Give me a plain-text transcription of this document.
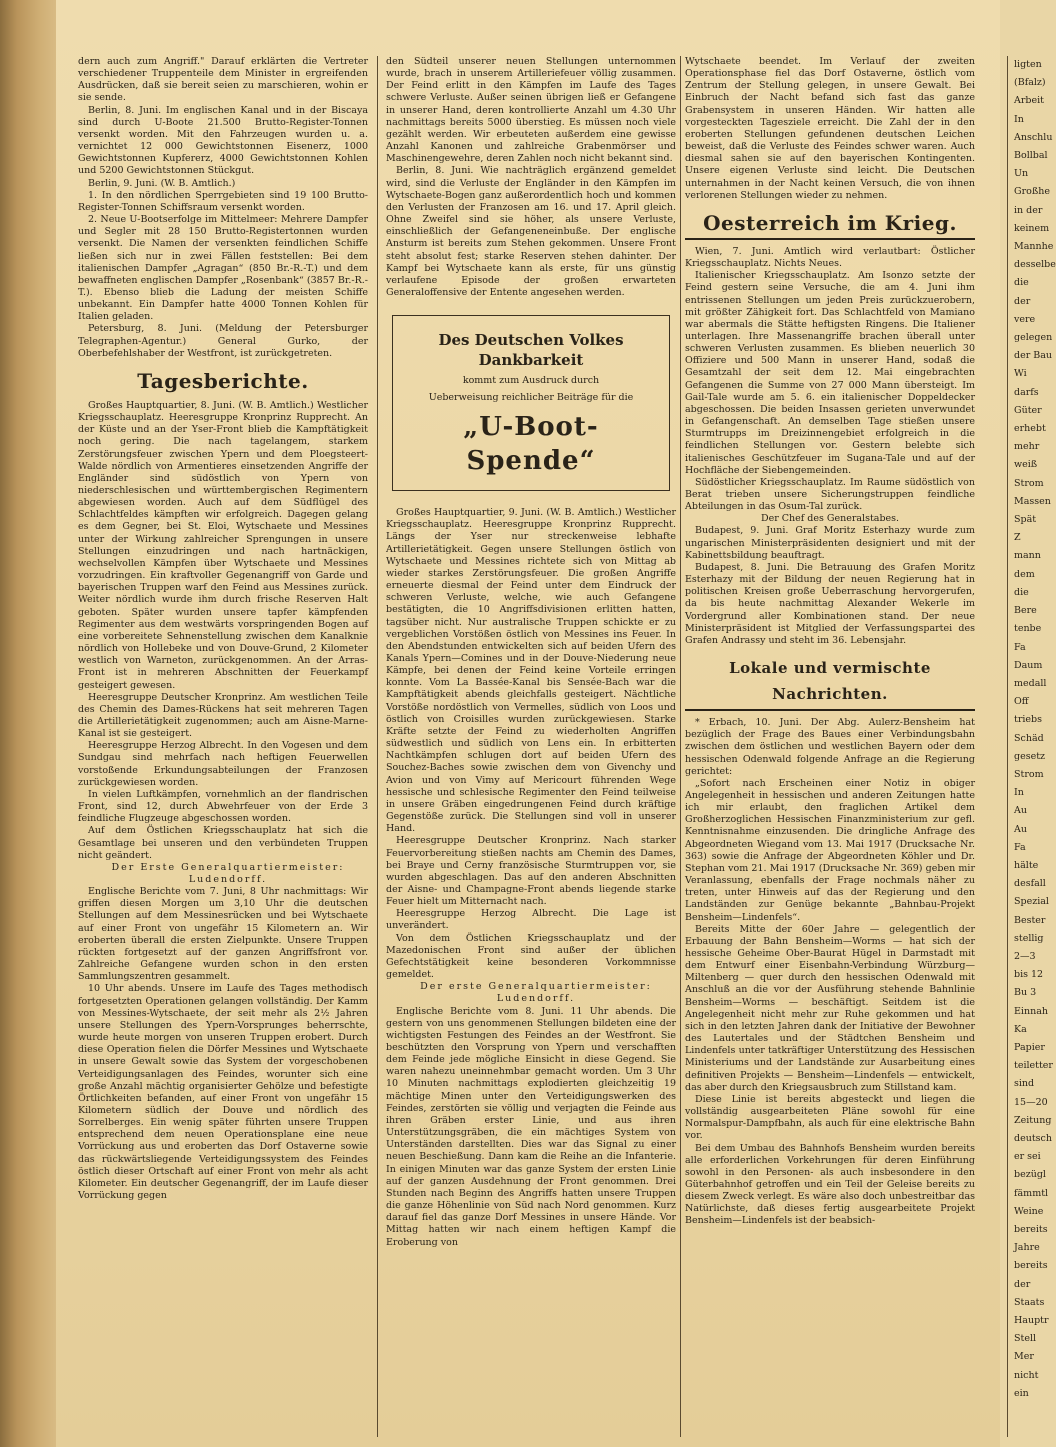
dern auch zum Angriff." Darauf erklärten die Vertreter verschiedener Truppenteile dem Minister in ergreifenden Ausdrücken, daß sie bereit seien zu marschieren, wohin er sie sende.

Berlin, 8. Juni. Im englischen Kanal und in der Biscaya sind durch U-Boote 21.500 Brutto-Register-Tonnen versenkt worden. Mit den Fahrzeugen wurden u. a. vernichtet 12 000 Gewichtstonnen Eisenerz, 1000 Gewichtstonnen Kupfererz, 4000 Gewichtstonnen Kohlen und 5200 Gewichtstonnen Stückgut.

Berlin, 9. Juni. (W. B. Amtlich.)

1. In den nördlichen Sperrgebieten sind 19 100 Brutto-Register-Tonnen Schiffsraum versenkt worden.

2. Neue U-Bootserfolge im Mittelmeer: Mehrere Dampfer und Segler mit 28 150 Brutto-Registertonnen wurden versenkt. Die Namen der versenkten feindlichen Schiffe ließen sich nur in zwei Fällen feststellen: Bei dem italienischen Dampfer „Agragan“ (850 Br.-R.-T.) und dem bewaffneten englischen Dampfer „Rosenbank“ (3857 Br.-R.-T.). Ebenso blieb die Ladung der meisten Schiffe unbekannt. Ein Dampfer hatte 4000 Tonnen Kohlen für Italien geladen.

Petersburg, 8. Juni. (Meldung der Petersburger Telegraphen-Agentur.) General Gurko, der Oberbefehlshaber der Westfront, ist zurückgetreten.

Tagesberichte.

Großes Hauptquartier, 8. Juni. (W. B. Amtlich.) Westlicher Kriegsschauplatz. Heeresgruppe Kronprinz Rupprecht. An der Küste und an der Yser-Front blieb die Kampftätigkeit noch gering. Die nach tagelangem, starkem Zerstörungsfeuer zwischen Ypern und dem Ploegsteert-Walde nördlich von Armentieres einsetzenden Angriffe der Engländer sind südöstlich von Ypern von niederschlesischen und württembergischen Regimentern abgewiesen worden. Auch auf dem Südflügel des Schlachtfeldes kämpften wir erfolgreich. Dagegen gelang es dem Gegner, bei St. Eloi, Wytschaete und Messines unter der Wirkung zahlreicher Sprengungen in unsere Stellungen einzudringen und nach hartnäckigen, wechselvollen Kämpfen über Wytschaete und Messines vorzudringen. Ein kraftvoller Gegenangriff von Garde und bayerischen Truppen warf den Feind aus Messines zurück. Weiter nördlich wurde ihm durch frische Reserven Halt geboten. Später wurden unsere tapfer kämpfenden Regimenter aus dem westwärts vorspringenden Bogen auf eine vorbereitete Sehnenstellung zwischen dem Kanalknie nördlich von Hollebeke und von Douve-Grund, 2 Kilometer westlich von Warneton, zurückgenommen. An der Arras-Front ist in mehreren Abschnitten der Feuerkampf gesteigert gewesen.

Heeresgruppe Deutscher Kronprinz. Am westlichen Teile des Chemin des Dames-Rückens hat seit mehreren Tagen die Artillerietätigkeit zugenommen; auch am Aisne-Marne-Kanal ist sie gesteigert.

Heeresgruppe Herzog Albrecht. In den Vogesen und dem Sundgau sind mehrfach nach heftigen Feuerwellen vorstoßende Erkundungsabteilungen der Franzosen zurückgewiesen worden.

In vielen Luftkämpfen, vornehmlich an der flandrischen Front, sind 12, durch Abwehrfeuer von der Erde 3 feindliche Flugzeuge abgeschossen worden.

Auf dem Östlichen Kriegsschauplatz hat sich die Gesamtlage bei unseren und den verbündeten Truppen nicht geändert.

Der Erste Generalquartiermeister:

Ludendorff.

Englische Berichte vom 7. Juni, 8 Uhr nachmittags: Wir griffen diesen Morgen um 3,10 Uhr die deutschen Stellungen auf dem Messinesrücken und bei Wytschaete auf einer Front von ungefähr 15 Kilometern an. Wir eroberten überall die ersten Zielpunkte. Unsere Truppen rückten fortgesetzt auf der ganzen Angriffsfront vor. Zahlreiche Gefangene wurden schon in den ersten Sammlungszentren gesammelt.

10 Uhr abends. Unsere im Laufe des Tages methodisch fortgesetzten Operationen gelangen vollständig. Der Kamm von Messines-Wytschaete, der seit mehr als 2½ Jahren unsere Stellungen des Ypern-Vorsprunges beherrschte, wurde heute morgen von unseren Truppen erobert. Durch diese Operation fielen die Dörfer Messines und Wytschaete in unsere Gewalt sowie das System der vorgeschobenen Verteidigungsanlagen des Feindes, worunter sich eine große Anzahl mächtig organisierter Gehölze und befestigte Örtlichkeiten befanden, auf einer Front von ungefähr 15 Kilometern südlich der Douve und nördlich des Sorrelberges. Ein wenig später führten unsere Truppen entsprechend dem neuen Operationsplane eine neue Vorrückung aus und eroberten das Dorf Ostaverne sowie das rückwärtsliegende Verteidigungssystem des Feindes östlich dieser Ortschaft auf einer Front von mehr als acht Kilometer. Ein deutscher Gegenangriff, der im Laufe dieser Vorrückung gegen

den Südteil unserer neuen Stellungen unternommen wurde, brach in unserem Artilleriefeuer völlig zusammen. Der Feind erlitt in den Kämpfen im Laufe des Tages schwere Verluste. Außer seinen übrigen ließ er Gefangene in unserer Hand, deren kontrollierte Anzahl um 4.30 Uhr nachmittags bereits 5000 überstieg. Es müssen noch viele gezählt werden. Wir erbeuteten außerdem eine gewisse Anzahl Kanonen und zahlreiche Grabenmörser und Maschinengewehre, deren Zahlen noch nicht bekannt sind.

Berlin, 8. Juni. Wie nachträglich ergänzend gemeldet wird, sind die Verluste der Engländer in den Kämpfen im Wytschaete-Bogen ganz außerordentlich hoch und kommen den Verlusten der Franzosen am 16. und 17. April gleich. Ohne Zweifel sind sie höher, als unsere Verluste, einschließlich der Gefangeneneinbuße. Der englische Ansturm ist bereits zum Stehen gekommen. Unsere Front steht absolut fest; starke Reserven stehen dahinter. Der Kampf bei Wytschaete kann als erste, für uns günstig verlaufene Episode der großen erwarteten Generaloffensive der Entente angesehen werden.

Des Deutschen Volkes
Dankbarkeit
kommt zum Ausdruck durch
Ueberweisung reichlicher Beiträge für die
„U-Boot-Spende“

Großes Hauptquartier, 9. Juni. (W. B. Amtlich.) Westlicher Kriegsschauplatz. Heeresgruppe Kronprinz Rupprecht. Längs der Yser nur streckenweise lebhafte Artillerietätigkeit. Gegen unsere Stellungen östlich von Wytschaete und Messines richtete sich von Mittag ab wieder starkes Zerstörungsfeuer. Die großen Angriffe erneuerte diesmal der Feind unter dem Eindruck der schweren Verluste, welche, wie auch Gefangene bestätigten, die 10 Angriffsdivisionen erlitten hatten, tagsüber nicht. Nur australische Truppen schickte er zu vergeblichen Vorstößen östlich von Messines ins Feuer. In den Abendstunden entwickelten sich auf beiden Ufern des Kanals Ypern—Comines und in der Douve-Niederung neue Kämpfe, bei denen der Feind keine Vorteile erringen konnte. Vom La Bassée-Kanal bis Sensée-Bach war die Kampftätigkeit abends gleichfalls gesteigert. Nächtliche Vorstöße nordöstlich von Vermelles, südlich von Loos und östlich von Croisilles wurden zurückgewiesen. Starke Kräfte setzte der Feind zu wiederholten Angriffen südwestlich und südlich von Lens ein. In erbitterten Nachtkämpfen schlugen dort auf beiden Ufern des Souchez-Baches sowie zwischen dem von Givenchy und Avion und von Vimy auf Mericourt führenden Wege hessische und schlesische Regimenter den Feind teilweise in unsere Gräben eingedrungenen Feind durch kräftige Gegenstöße zurück. Die Stellungen sind voll in unserer Hand.

Heeresgruppe Deutscher Kronprinz. Nach starker Feuervorbereitung stießen nachts am Chemin des Dames, bei Braye und Cerny französische Sturmtruppen vor, sie wurden abgeschlagen. Das auf den anderen Abschnitten der Aisne- und Champagne-Front abends liegende starke Feuer hielt um Mitternacht nach.

Heeresgruppe Herzog Albrecht. Die Lage ist unverändert.

Von dem Östlichen Kriegsschauplatz und der Mazedonischen Front sind außer der üblichen Gefechtstätigkeit keine besonderen Vorkommnisse gemeldet.

Der erste Generalquartiermeister:

Ludendorff.

Englische Berichte vom 8. Juni. 11 Uhr abends. Die gestern von uns genommenen Stellungen bildeten eine der wichtigsten Festungen des Feindes an der Westfront. Sie beschützten den Vorsprung von Ypern und verschafften dem Feinde jede mögliche Einsicht in diese Gegend. Sie waren nahezu uneinnehmbar gemacht worden. Um 3 Uhr 10 Minuten nachmittags explodierten gleichzeitig 19 mächtige Minen unter den Verteidigungswerken des Feindes, zerstörten sie völlig und verjagten die Feinde aus ihren Gräben erster Linie, und aus ihren Unterstützungsgräben, die ein mächtiges System von Unterständen darstellten. Dies war das Signal zu einer neuen Beschießung. Dann kam die Reihe an die Infanterie. In einigen Minuten war das ganze System der ersten Linie auf der ganzen Ausdehnung der Front genommen. Drei Stunden nach Beginn des Angriffs hatten unsere Truppen die ganze Höhenlinie von Süd nach Nord genommen. Kurz darauf fiel das ganze Dorf Messines in unsere Hände. Vor Mittag hatten wir nach einem heftigen Kampf die Eroberung von

Wytschaete beendet. Im Verlauf der zweiten Operationsphase fiel das Dorf Ostaverne, östlich vom Zentrum der Stellung gelegen, in unsere Gewalt. Bei Einbruch der Nacht befand sich fast das ganze Grabensystem in unseren Händen. Wir hatten alle vorgesteckten Tagesziele erreicht. Die Zahl der in den eroberten Stellungen gefundenen deutschen Leichen beweist, daß die Verluste des Feindes schwer waren. Auch diesmal sahen sie auf den bayerischen Kontingenten. Unsere eigenen Verluste sind leicht. Die Deutschen unternahmen in der Nacht keinen Versuch, die von ihnen verlorenen Stellungen wieder zu nehmen.

Oesterreich im Krieg.

Wien, 7. Juni. Amtlich wird verlautbart: Östlicher Kriegsschauplatz. Nichts Neues.

Italienischer Kriegsschauplatz. Am Isonzo setzte der Feind gestern seine Versuche, die am 4. Juni ihm entrissenen Stellungen um jeden Preis zurückzuerobern, mit größter Zähigkeit fort. Das Schlachtfeld von Mamiano war abermals die Stätte heftigsten Ringens. Die Italiener unterlagen. Ihre Massenangriffe brachen überall unter schweren Verlusten zusammen. Es blieben neuerlich 30 Offiziere und 500 Mann in unserer Hand, sodaß die Gesamtzahl der seit dem 12. Mai eingebrachten Gefangenen die Summe von 27 000 Mann übersteigt. Im Gail-Tale wurde am 5. 6. ein italienischer Doppeldecker abgeschossen. Die beiden Insassen gerieten unverwundet in Gefangenschaft. An demselben Tage stießen unsere Sturmtrupps im Dreizinnengebiet erfolgreich in die feindlichen Stellungen vor. Gestern belebte sich italienisches Geschützfeuer im Sugana-Tale und auf der Hochfläche der Siebengemeinden.

Südöstlicher Kriegsschauplatz. Im Raume südöstlich von Berat trieben unsere Sicherungstruppen feindliche Abteilungen in das Osum-Tal zurück.

Der Chef des Generalstabes.

Budapest, 9. Juni. Graf Moritz Esterhazy wurde zum ungarischen Ministerpräsidenten designiert und mit der Kabinettsbildung beauftragt.

Budapest, 8. Juni. Die Betrauung des Grafen Moritz Esterhazy mit der Bildung der neuen Regierung hat in politischen Kreisen große Ueberraschung hervorgerufen, da bis heute nachmittag Alexander Wekerle im Vordergrund aller Kombinationen stand. Der neue Ministerpräsident ist Mitglied der Verfassungspartei des Grafen Andrassy und steht im 36. Lebensjahr.

Lokale und vermischte Nachrichten.

* Erbach, 10. Juni. Der Abg. Aulerz-Bensheim hat bezüglich der Frage des Baues einer Verbindungsbahn zwischen dem östlichen und westlichen Bayern oder dem hessischen Odenwald folgende Anfrage an die Regierung gerichtet:

„Sofort nach Erscheinen einer Notiz in obiger Angelegenheit in hessischen und anderen Zeitungen hatte ich mir erlaubt, den fraglichen Artikel dem Großherzoglichen Hessischen Finanzministerium zur gefl. Kenntnisnahme einzusenden. Die dringliche Anfrage des Abgeordneten Wiegand vom 13. Mai 1917 (Drucksache Nr. 363) sowie die Anfrage der Abgeordneten Köhler und Dr. Stephan vom 21. Mai 1917 (Drucksache Nr. 369) geben mir Veranlassung, ebenfalls der Frage nochmals näher zu treten, unter Hinweis auf das der Regierung und den Landständen zur Genüge bekannte „Bahnbau-Projekt Bensheim—Lindenfels“.

Bereits Mitte der 60er Jahre — gelegentlich der Erbauung der Bahn Bensheim—Worms — hat sich der hessische Geheime Ober-Baurat Hügel in Darmstadt mit dem Entwurf einer Eisenbahn-Verbindung Würzburg—Miltenberg — quer durch den hessischen Odenwald mit Anschluß an die vor der Ausführung stehende Bahnlinie Bensheim—Worms — beschäftigt. Seitdem ist die Angelegenheit nicht mehr zur Ruhe gekommen und hat sich in den letzten Jahren dank der Initiative der Bewohner des Lautertales und der Städtchen Bensheim und Lindenfels unter tatkräftiger Unterstützung des Hessischen Ministeriums und der Landstände zur Ausarbeitung eines definitiven Projekts — Bensheim—Lindenfels — entwickelt, das aber durch den Kriegsausbruch zum Stillstand kam.

Diese Linie ist bereits abgesteckt und liegen die vollständig ausgearbeiteten Pläne sowohl für eine Normalspur-Dampfbahn, als auch für eine elektrische Bahn vor.

Bei dem Umbau des Bahnhofs Bensheim wurden bereits alle erforderlichen Vorkehrungen für deren Einführung sowohl in den Personen- als auch insbesondere in den Güterbahnhof getroffen und ein Teil der Geleise bereits zu diesem Zweck verlegt. Es wäre also doch unbestreitbar das Natürlichste, daß dieses fertig ausgearbeitete Projekt Bensheim—Lindenfels ist der beabsich-

ligten
(Bfalz)
Arbeit
In
Anschlu
Bollbal
Un
Großhe
in der
keinem
Mannhe
desselbe
die
der
vere
gelegen
der Bau
Wi
darfs
Güter
erhebt
mehr
weiß
Strom
Massen
Spät
Z
mann
dem
die
Bere
tenbe
Fa
Daum
medall
Off
triebs
Schäd
gesetz
Strom
In
Au
Au
Fa
hälte
desfall
Spezial
Bester
stellig
2—3
bis 12
Bu 3
Einnah
Ka
Papier
teiletter
sind
15—20
Zeitung
deutsch
er sei
bezügl
fämmtl
Weine
bereits
Jahre
bereits
der
Staats
Hauptr
Stell
Mer
nicht
ein
